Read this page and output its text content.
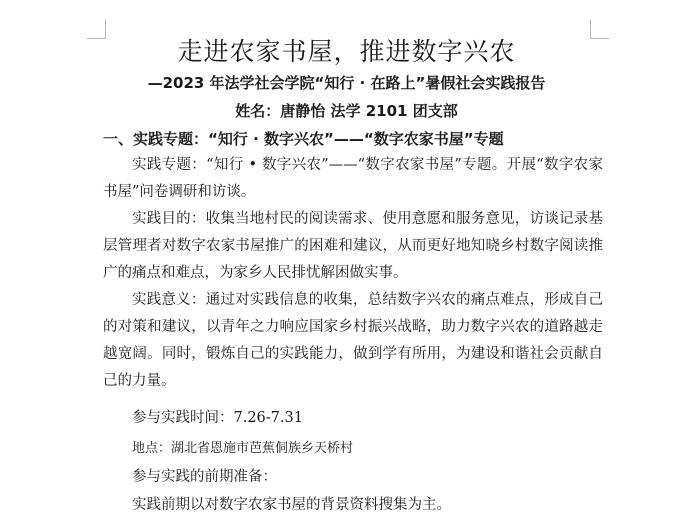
走进农家书屋，推进数字兴农
—2023 年法学社会学院“知行 · 在路上”暑假社会实践报告
姓名：唐静怡 法学 2101 团支部
一、实践专题：“知行 · 数字兴农”——“数字农家书屋”专题

实践专题：“知行 • 数字兴农”——“数字农家书屋”专题。开展“数字农家书屋”问卷调研和访谈。

实践目的：收集当地村民的阅读需求、使用意愿和服务意见，访谈记录基层管理者对数字农家书屋推广的困难和建议，从而更好地知晓乡村数字阅读推广的痛点和难点，为家乡人民排忧解困做实事。

实践意义：通过对实践信息的收集，总结数字兴农的痛点难点，形成自己的对策和建议，以青年之力响应国家乡村振兴战略，助力数字兴农的道路越走越宽阔。同时，锻炼自己的实践能力，做到学有所用，为建设和谐社会贡献自己的力量。

参与实践时间：7.26-7.31
地点：湖北省恩施市芭蕉侗族乡天桥村
参与实践的前期准备：
实践前期以对数字农家书屋的背景资料搜集为主。
